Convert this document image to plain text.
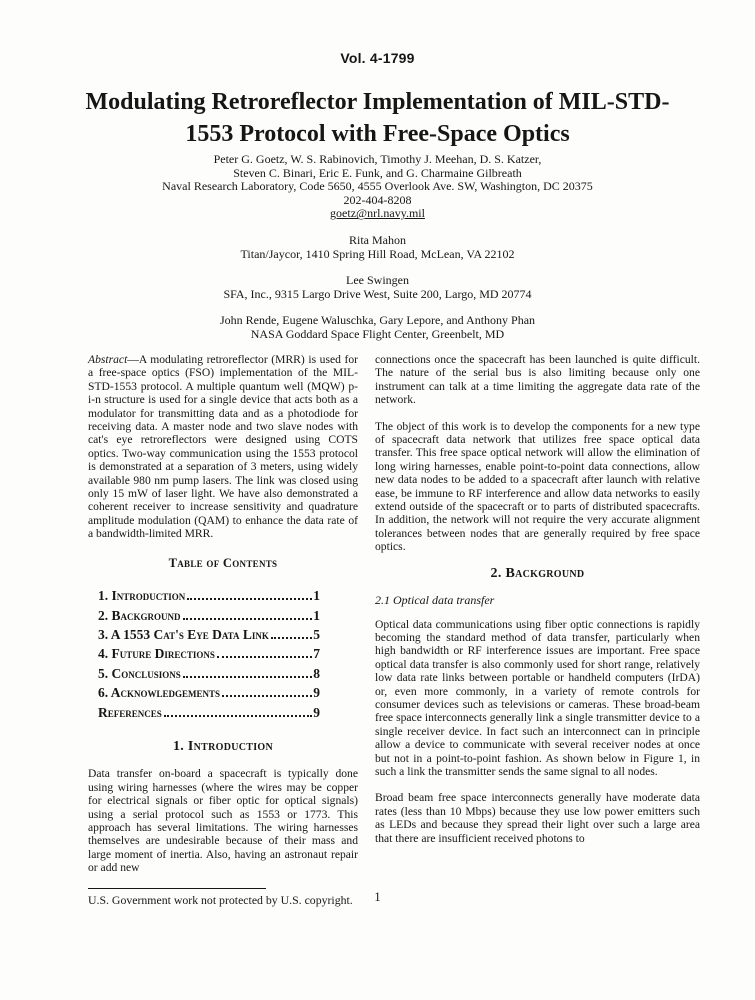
Vol. 4-1799
Modulating Retroreflector Implementation of MIL-STD-
1553 Protocol with Free-Space Optics
Peter G. Goetz, W. S. Rabinovich, Timothy J. Meehan, D. S. Katzer,
Steven C. Binari, Eric E. Funk, and G. Charmaine Gilbreath
Naval Research Laboratory, Code 5650, 4555 Overlook Ave. SW, Washington, DC 20375
202-404-8208
goetz@nrl.navy.mil
Rita Mahon
Titan/Jaycor, 1410 Spring Hill Road, McLean, VA 22102
Lee Swingen
SFA, Inc., 9315 Largo Drive West, Suite 200, Largo, MD 20774
John Rende, Eugene Waluschka, Gary Lepore, and Anthony Phan
NASA Goddard Space Flight Center, Greenbelt, MD

Abstract—A modulating retroreflector (MRR) is used for a free-space optics (FSO) implementation of the MIL-STD-1553 protocol. A multiple quantum well (MQW) p-i-n structure is used for a single device that acts both as a modulator for transmitting data and as a photodiode for receiving data. A master node and two slave nodes with cat's eye retroreflectors were designed using COTS optics. Two-way communication using the 1553 protocol is demonstrated at a separation of 3 meters, using widely available 980 nm pump lasers. The link was closed using only 15 mW of laser light. We have also demonstrated a coherent receiver to increase sensitivity and quadrature amplitude modulation (QAM) to enhance the data rate of a bandwidth-limited MRR.

Table of Contents
1. Introduction	1
2. Background	1
3. A 1553 Cat's Eye Data Link	5
4. Future Directions	7
5. Conclusions	8
6. Acknowledgements	9
References	9
1. Introduction

Data transfer on-board a spacecraft is typically done using wiring harnesses (where the wires may be copper for electrical signals or fiber optic for optical signals) using a serial protocol such as 1553 or 1773. This approach has several limitations. The wiring harnesses themselves are undesirable because of their mass and large moment of inertia. Also, having an astronaut repair or add new

U.S. Government work not protected by U.S. copyright.

connections once the spacecraft has been launched is quite difficult. The nature of the serial bus is also limiting because only one instrument can talk at a time limiting the aggregate data rate of the network.

The object of this work is to develop the components for a new type of spacecraft data network that utilizes free space optical data transfer. This free space optical network will allow the elimination of long wiring harnesses, enable point-to-point data connections, allow new data nodes to be added to a spacecraft after launch with relative ease, be immune to RF interference and allow data networks to easily extend outside of the spacecraft or to parts of distributed spacecrafts. In addition, the network will not require the very accurate alignment tolerances between nodes that are generally required by free space optics.

2. Background
2.1 Optical data transfer

Optical data communications using fiber optic connections is rapidly becoming the standard method of data transfer, particularly when high bandwidth or RF interference issues are important. Free space optical data transfer is also commonly used for short range, relatively low data rate links between portable or handheld computers (IrDA) or, even more commonly, in a variety of remote controls for consumer devices such as televisions or cameras. These broad-beam free space interconnects generally link a single transmitter device to a single receiver device. In fact such an interconnect can in principle allow a device to communicate with several receiver nodes at once but not in a point-to-point fashion. As shown below in Figure 1, in such a link the transmitter sends the same signal to all nodes.

Broad beam free space interconnects generally have moderate data rates (less than 10 Mbps) because they use low power emitters such as LEDs and because they spread their light over such a large area that there are insufficient received photons to

1
